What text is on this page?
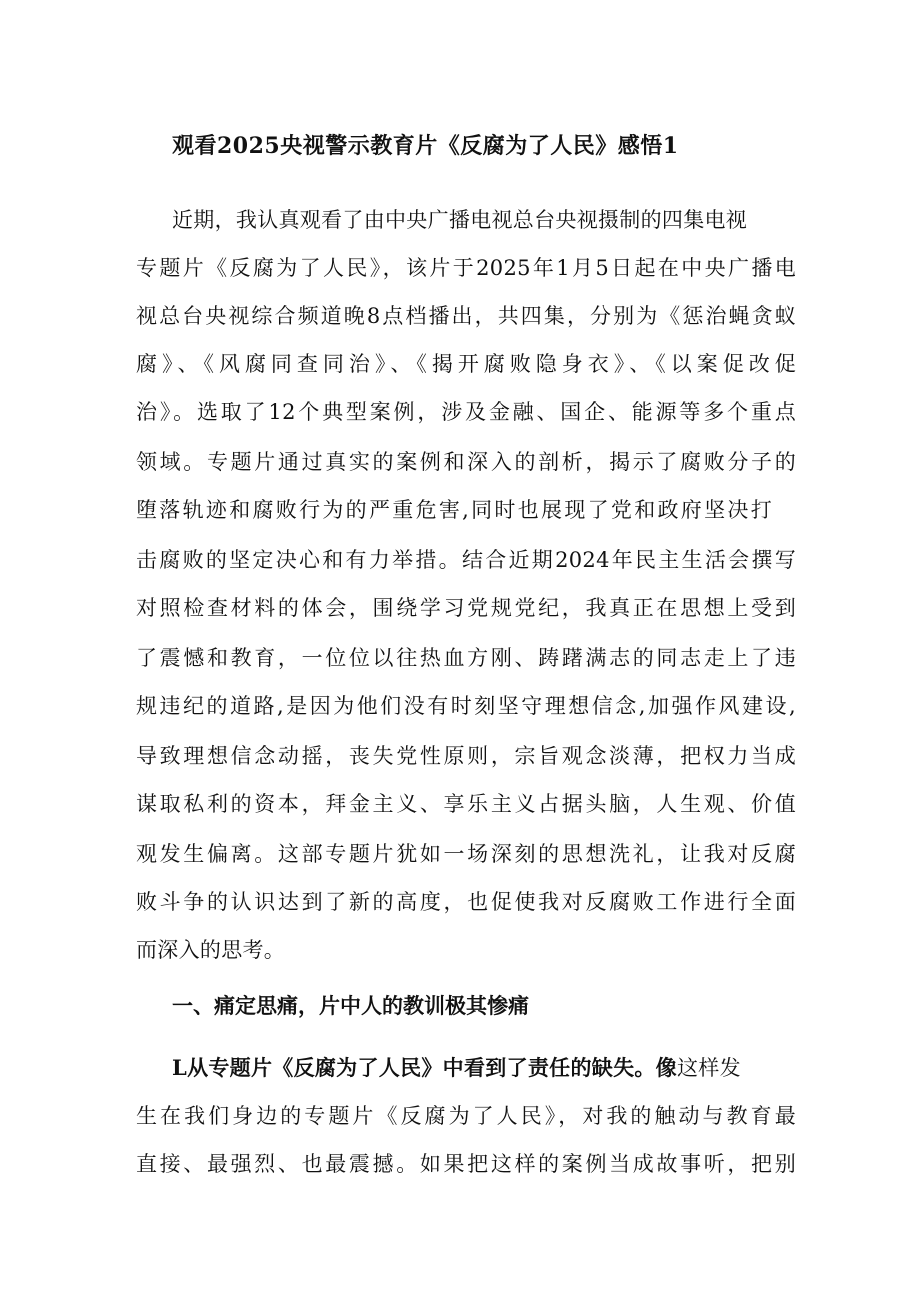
观看2025央视警示教育片《反腐为了人民》感悟1
近期，我认真观看了由中央广播电视总台央视摄制的四集电视
专题片《反腐为了人民》，该片于2025年1月5日起在中央广播电
视总台央视综合频道晚8点档播出，共四集，分别为《惩治蝇贪蚁
腐》、《风腐同查同治》、《揭开腐败隐身衣》、《以案促改促
治》。选取了12个典型案例，涉及金融、国企、能源等多个重点
领域。专题片通过真实的案例和深入的剖析，揭示了腐败分子的
堕落轨迹和腐败行为的严重危害,同时也展现了党和政府坚决打
击腐败的坚定决心和有力举措。结合近期2024年民主生活会撰写
对照检查材料的体会，围绕学习党规党纪，我真正在思想上受到
了震憾和教育，一位位以往热血方刚、踌躇满志的同志走上了违
规违纪的道路,是因为他们没有时刻坚守理想信念,加强作风建设,
导致理想信念动摇，丧失党性原则，宗旨观念淡薄，把权力当成
谋取私利的资本，拜金主义、享乐主义占据头脑，人生观、价值
观发生偏离。这部专题片犹如一场深刻的思想洗礼，让我对反腐
败斗争的认识达到了新的高度，也促使我对反腐败工作进行全面
而深入的思考。
一、痛定思痛，片中人的教训极其惨痛
L从专题片《反腐为了人民》中看到了责任的缺失。像这样发
生在我们身边的专题片《反腐为了人民》，对我的触动与教育最
直接、最强烈、也最震撼。如果把这样的案例当成故事听，把别
